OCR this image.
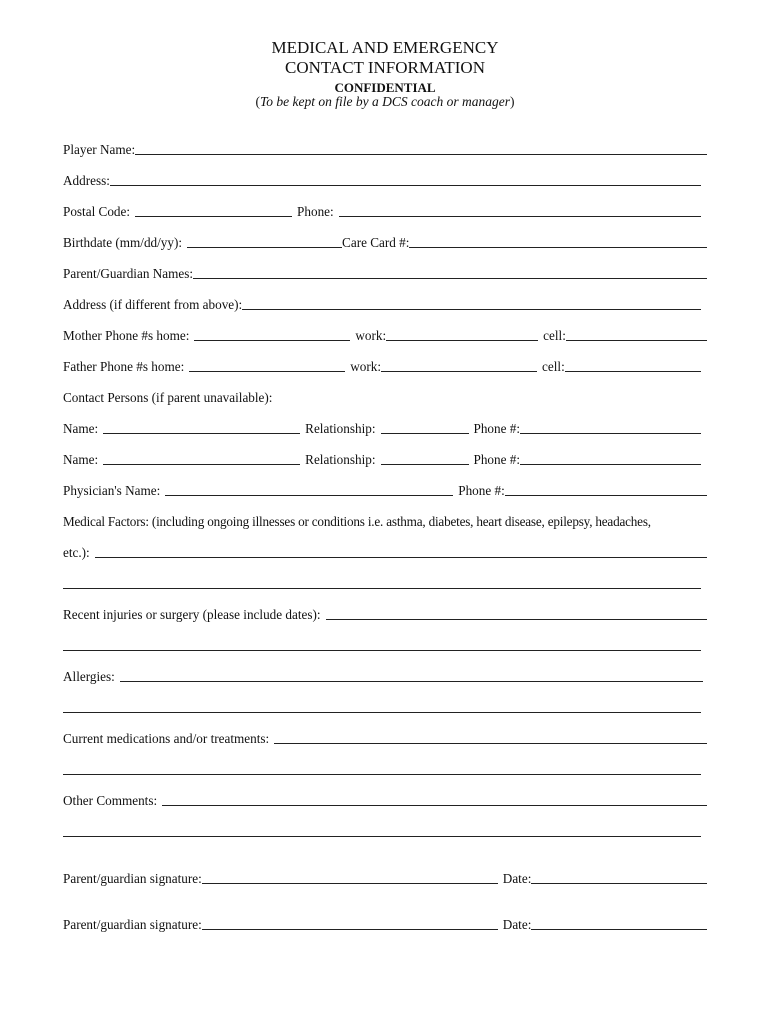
MEDICAL AND EMERGENCY
CONTACT INFORMATION
CONFIDENTIAL
(To be kept on file by a DCS coach or manager)
Player Name:
Address:
Postal Code:	Phone:
Birthdate (mm/dd/yy):	Care Card #:
Parent/Guardian Names:
Address (if different from above):
Mother Phone #s home:	work:	cell:
Father Phone #s home:	work:	cell:
Contact Persons (if parent unavailable):
Name:	Relationship:	Phone #:
Name:	Relationship:	Phone #:
Physician's Name:	Phone #:
Medical Factors: (including ongoing illnesses or conditions i.e. asthma, diabetes, heart disease, epilepsy, headaches,
etc.):
Recent injuries or surgery (please include dates):
Allergies:
Current medications and/or treatments:
Other Comments:
Parent/guardian signature:	Date:
Parent/guardian signature:	Date:
